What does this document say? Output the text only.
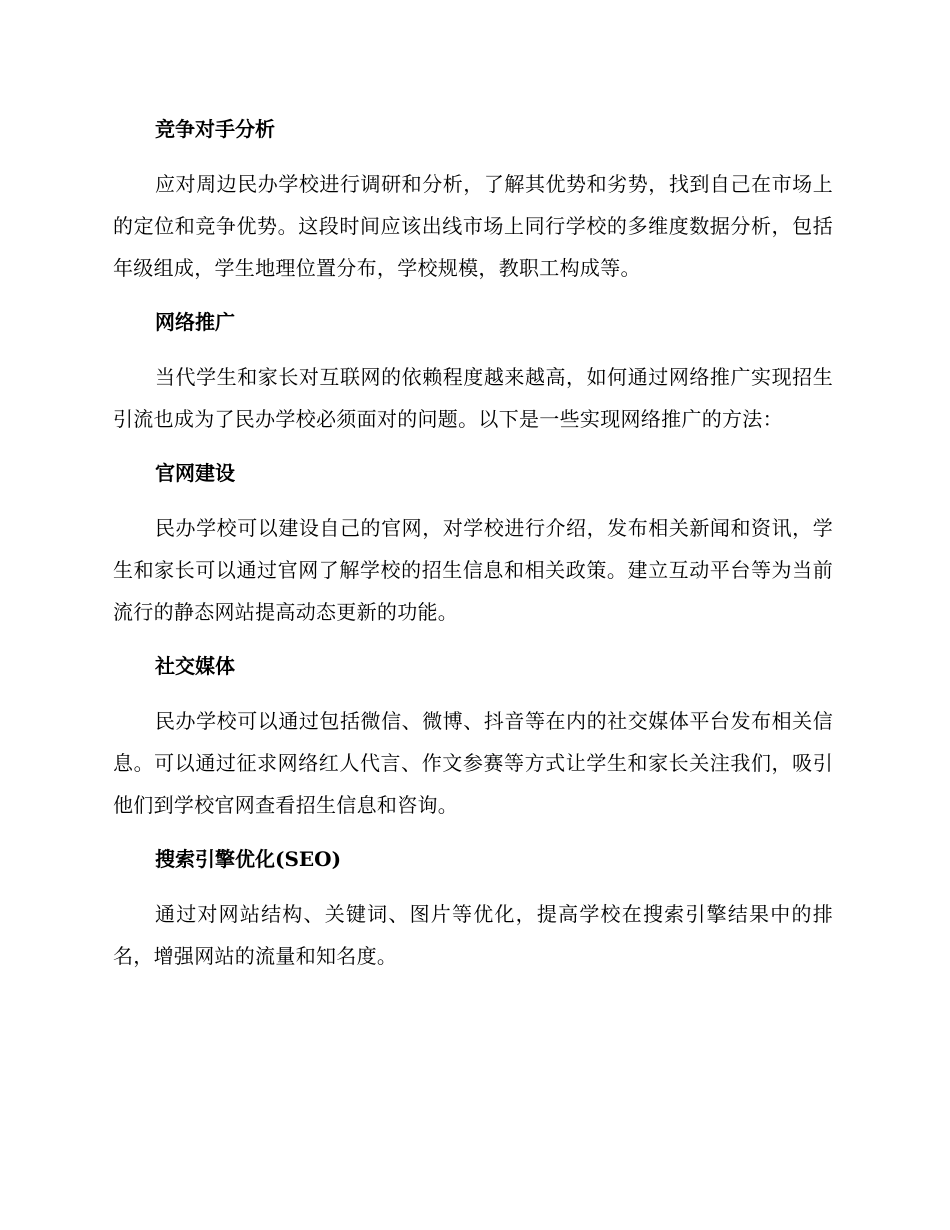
竞争对手分析

应对周边民办学校进行调研和分析，了解其优势和劣势，找到自己在市场上的定位和竞争优势。这段时间应该出线市场上同行学校的多维度数据分析，包括年级组成，学生地理位置分布，学校规模，教职工构成等。

网络推广

当代学生和家长对互联网的依赖程度越来越高，如何通过网络推广实现招生引流也成为了民办学校必须面对的问题。以下是一些实现网络推广的方法：

官网建设

民办学校可以建设自己的官网，对学校进行介绍，发布相关新闻和资讯，学生和家长可以通过官网了解学校的招生信息和相关政策。建立互动平台等为当前流行的静态网站提高动态更新的功能。

社交媒体

民办学校可以通过包括微信、微博、抖音等在内的社交媒体平台发布相关信息。可以通过征求网络红人代言、作文参赛等方式让学生和家长关注我们，吸引他们到学校官网查看招生信息和咨询。

搜索引擎优化(SEO)

通过对网站结构、关键词、图片等优化，提高学校在搜索引擎结果中的排名，增强网站的流量和知名度。
